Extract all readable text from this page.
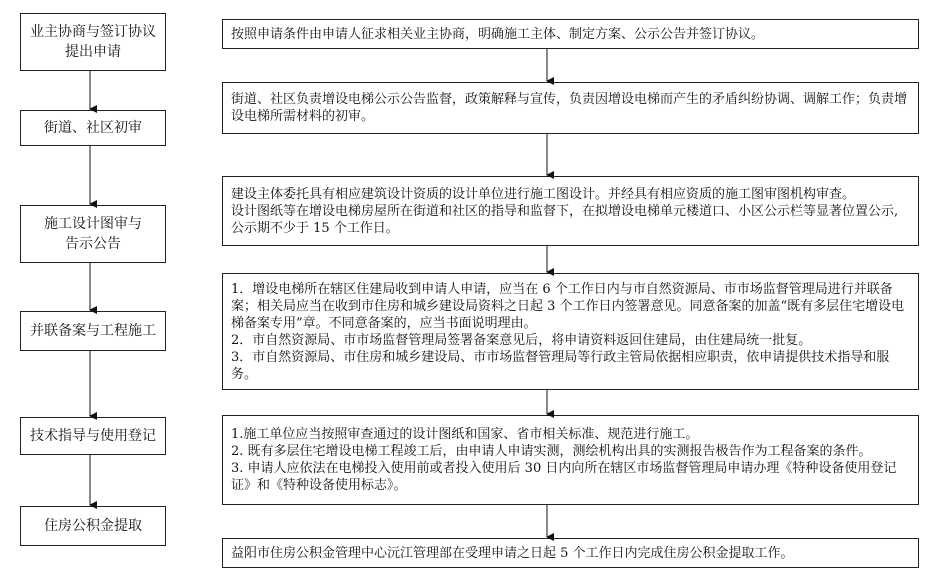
业主协商与签订协议
提出申请
街道、社区初审
施工设计图审与
告示公告
并联备案与工程施工
技术指导与使用登记
住房公积金提取

按照申请条件由申请人征求相关业主协商，明确施工主体、制定方案、公示公告并签订协议。

街道、社区负责增设电梯公示公告监督，政策解释与宣传，负责因增设电梯而产生的矛盾纠纷协调、调解工作；负责增设电梯所需材料的初审。

建设主体委托具有相应建筑设计资质的设计单位进行施工图设计。并经具有相应资质的施工图审图机构审查。

设计图纸等在增设电梯房屋所在街道和社区的指导和监督下，在拟增设电梯单元楼道口、小区公示栏等显著位置公示,公示期不少于 15 个工作日。

1．增设电梯所在辖区住建局收到申请人申请，应当在 6 个工作日内与市自然资源局、市市场监督管理局进行并联备案；相关局应当在收到市住房和城乡建设局资料之日起 3 个工作日内签署意见。同意备案的加盖“既有多层住宅增设电梯备案专用”章。不同意备案的，应当书面说明理由。

2．市自然资源局、市市场监督管理局签署备案意见后，将申请资料返回住建局，由住建局统一批复。

3．市自然资源局、市住房和城乡建设局、市市场监督管理局等行政主管局依据相应职责，依申请提供技术指导和服务。

1.施工单位应当按照审查通过的设计图纸和国家、省市相关标准、规范进行施工。

2. 既有多层住宅增设电梯工程竣工后，由申请人申请实测，测绘机构出具的实测报告极告作为工程备案的条件。

3. 申请人应依法在电梯投入使用前或者投入使用后 30 日内向所在辖区市场监督管理局申请办理《特种设备使用登记证》和《特种设备使用标志》。

益阳市住房公积金管理中心沅江管理部在受理申请之日起 5 个工作日内完成住房公积金提取工作。
